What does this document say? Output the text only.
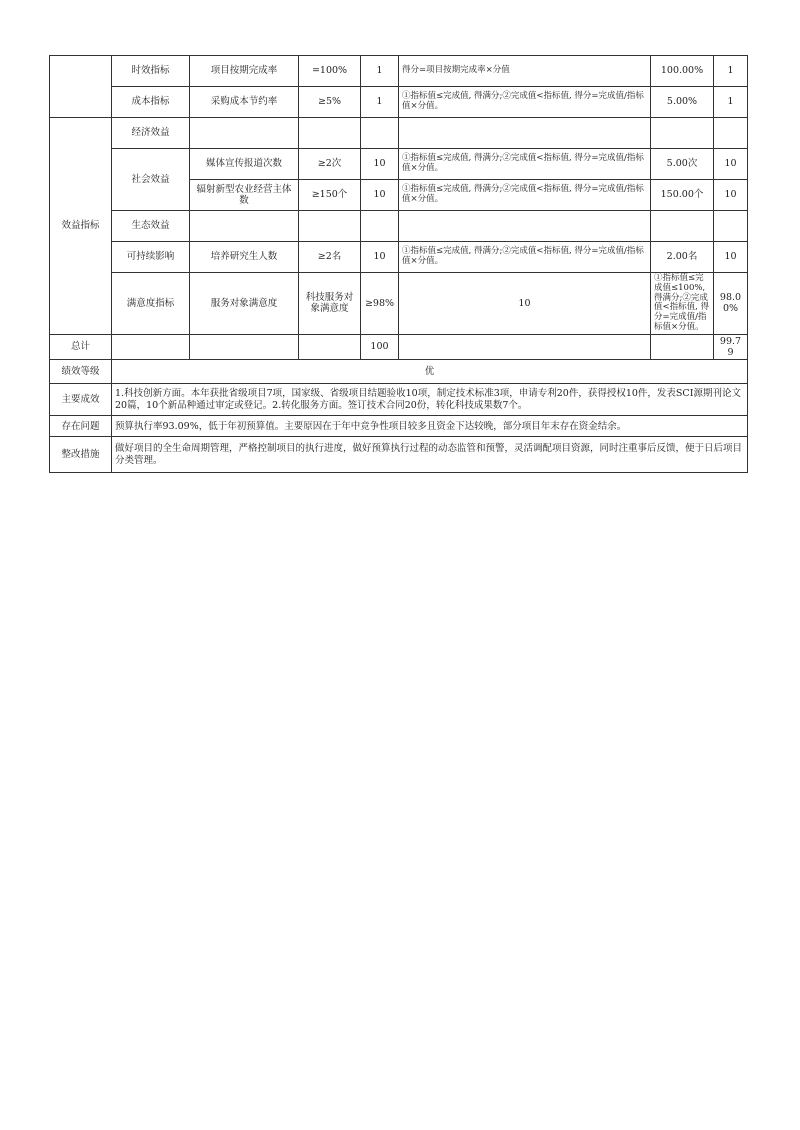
	时效指标	项目按期完成率	=100%	1	得分=项目按期完成率×分值	100.00%	1	
	成本指标	采购成本节约率	≥5%	1	①指标值≤完成值, 得满分;②完成值<指标值, 得分=完成值/指标值×分值。	5.00%	1	
效益指标	经济效益							
	社会效益	媒体宣传报道次数	≥2次	10	①指标值≤完成值, 得满分;②完成值<指标值, 得分=完成值/指标值×分值。	5.00次	10	
		辐射新型农业经营主体数	≥150个	10	①指标值≤完成值, 得满分;②完成值<指标值, 得分=完成值/指标值×分值。	150.00个	10	
	生态效益							
	可持续影响	培养研究生人数	≥2名	10	①指标值≤完成值, 得满分;②完成值<指标值, 得分=完成值/指标值×分值。	2.00名	10	
	满意度指标	服务对象满意度	科技服务对象满意度	≥98%	10	①指标值≤完成值≤100%, 得满分;②完成值<指标值, 得分=完成值/指标值×分值。	98.00%	
总计				100			99.79	
绩效等级	优							
主要成效	1.科技创新方面。本年获批省级项目7项，国家级、省级项目结题验收10项，制定技术标准3项，申请专利20件，获得授权10件，发表SCI源期刊论文20篇，10个新品种通过审定或登记。2.转化服务方面。签订技术合同20份，转化科技成果数7个。							
存在问题	预算执行率93.09%，低于年初预算值。主要原因在于年中竞争性项目较多且资金下达较晚，部分项目年末存在资金结余。							
整改措施	做好项目的全生命周期管理，严格控制项目的执行进度，做好预算执行过程的动态监管和预警，灵活调配项目资源，同时注重事后反馈，便于日后项目分类管理。							
